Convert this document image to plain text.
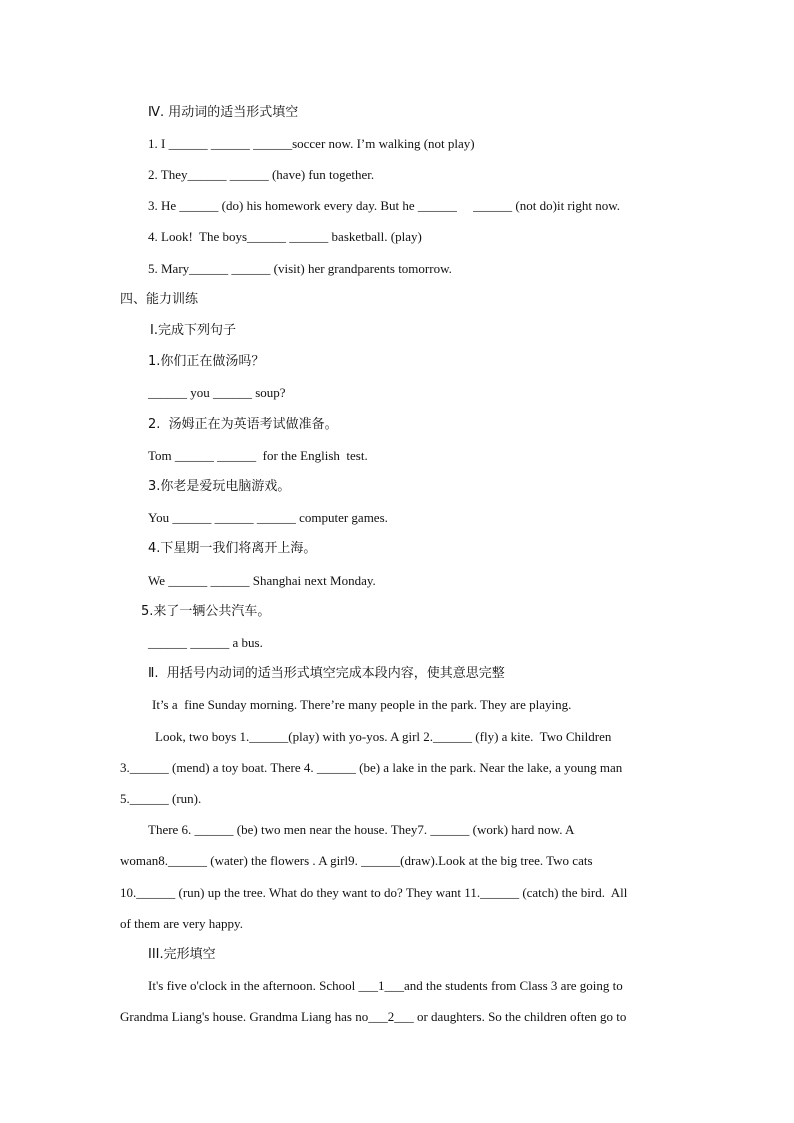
Ⅳ. 用动词的适当形式填空
1. I ______ ______ ______soccer now. I’m walking (not play)
2. They______ ______ (have) fun together.
3. He ______ (do) his homework every day. But he ______     ______ (not do)it right now.
4. Look!  The boys______ ______ basketball. (play)
5. Mary______ ______ (visit) her grandparents tomorrow.
四、能力训练
Ⅰ.完成下列句子
1.你们正在做汤吗？
______ you ______ soup?
2.  汤姆正在为英语考试做准备。
Tom ______ ______  for the English  test.
3.你老是爱玩电脑游戏。
You ______ ______ ______ computer games.
4.下星期一我们将离开上海。
We ______ ______ Shanghai next Monday.
5.来了一辆公共汽车。
______ ______ a bus.
Ⅱ.  用括号内动词的适当形式填空完成本段内容，使其意思完整
It’s a  fine Sunday morning. There’re many people in the park. They are playing.
Look, two boys 1.______(play) with yo-yos. A girl 2.______ (fly) a kite.  Two Children
3.______ (mend) a toy boat. There 4. ______ (be) a lake in the park. Near the lake, a young man
5.______ (run).
There 6. ______ (be) two men near the house. They7. ______ (work) hard now. A
woman8.______ (water) the flowers . A girl9. ______(draw).Look at the big tree. Two cats
10.______ (run) up the tree. What do they want to do? They want 11.______ (catch) the bird.  All
of them are very happy.
III.完形填空
It's five o'clock in the afternoon. School ___1___and the students from Class 3 are going to
Grandma Liang's house. Grandma Liang has no___2___ or daughters. So the children often go to
